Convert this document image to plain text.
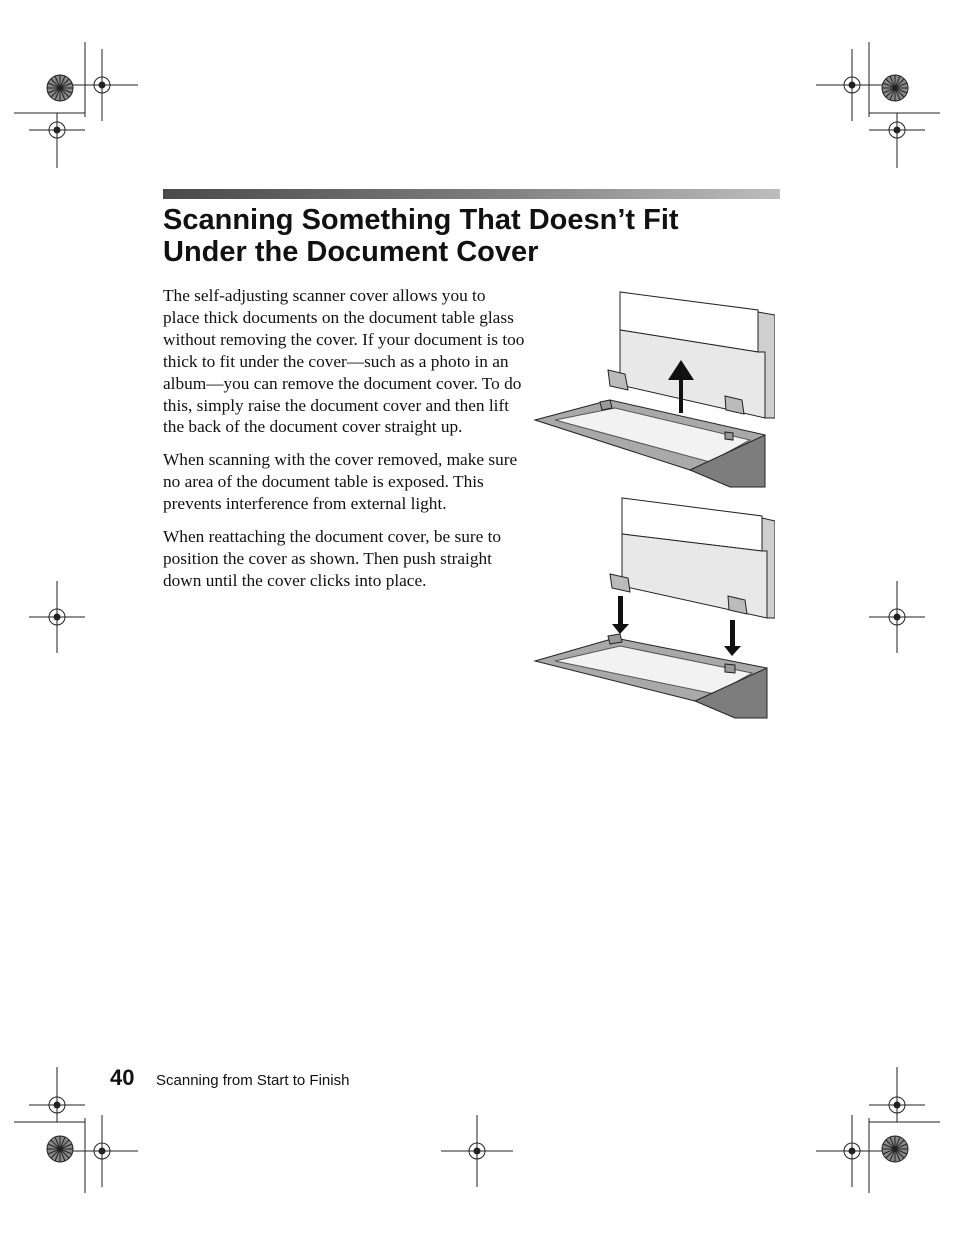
Scanning Something That Doesn’t Fit Under the Document Cover

The self-adjusting scanner cover allows you to place thick documents on the document table glass without removing the cover. If your document is too thick to fit under the cover—such as a photo in an album—you can remove the document cover. To do this, simply raise the document cover and then lift the back of the document cover straight up.

When scanning with the cover removed, make sure no area of the document table is exposed. This prevents interference from external light.

When reattaching the document cover, be sure to position the cover as shown. Then push straight down until the cover clicks into place.

40 Scanning from Start to Finish
